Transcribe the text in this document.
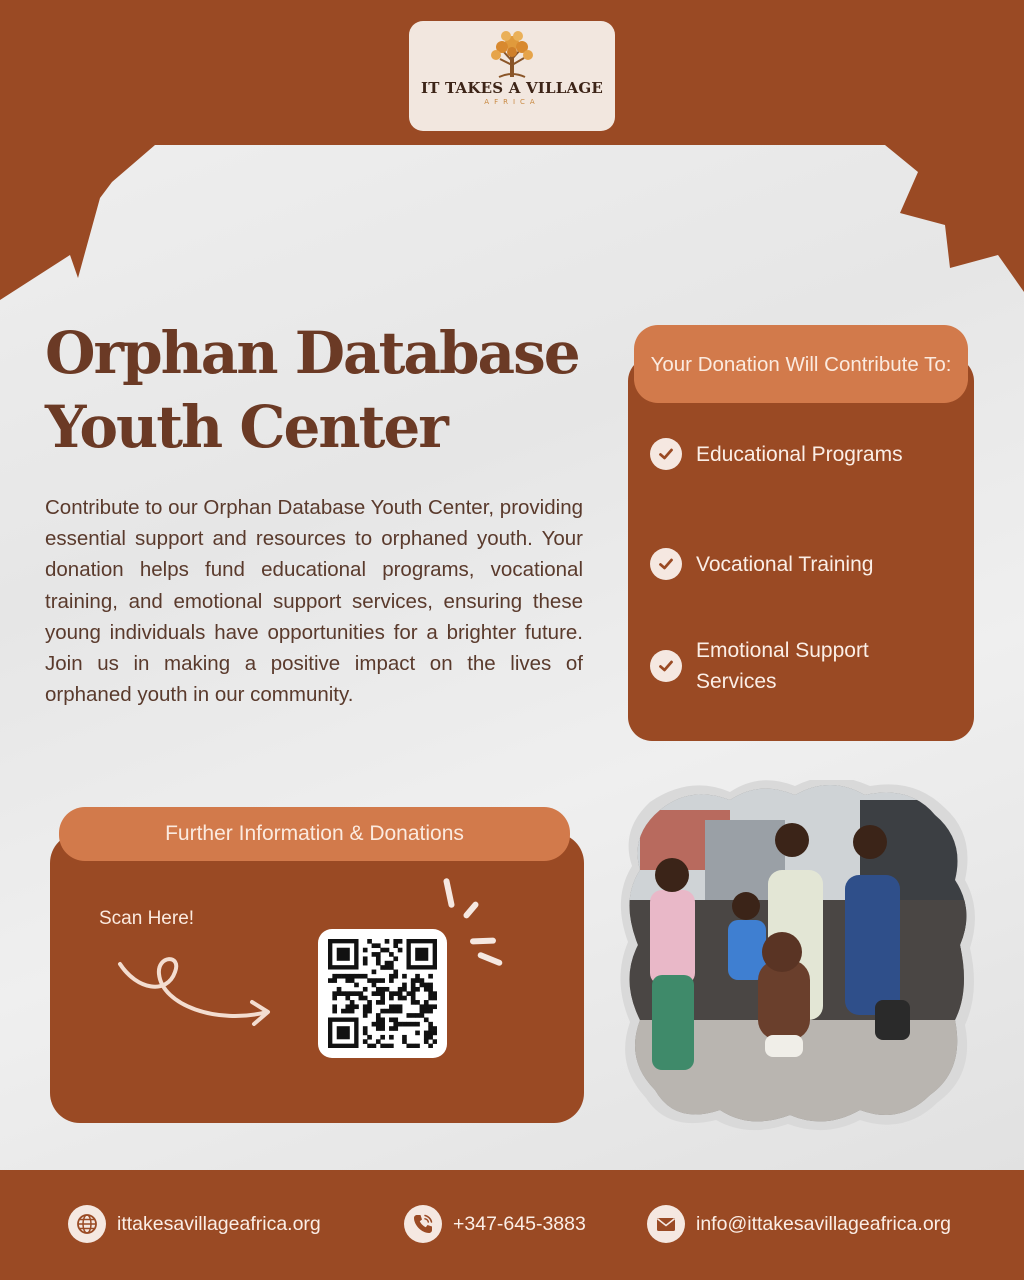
IT TAKES A VILLAGE
AFRICA
Orphan Database
Youth Center

Contribute to our Orphan Database Youth Center, providing essential support and resources to orphaned youth. Your donation helps fund educational programs, vocational training, and emotional support services, ensuring these young individuals have opportunities for a brighter future. Join us in making a positive impact on the lives of orphaned youth in our community.

Your Donation Will Contribute To:
Educational Programs
Vocational Training
Emotional Support Services
Further Information & Donations
Scan Here!
ittakesavillageafrica.org	+347-645-3883	info@ittakesavillageafrica.org
